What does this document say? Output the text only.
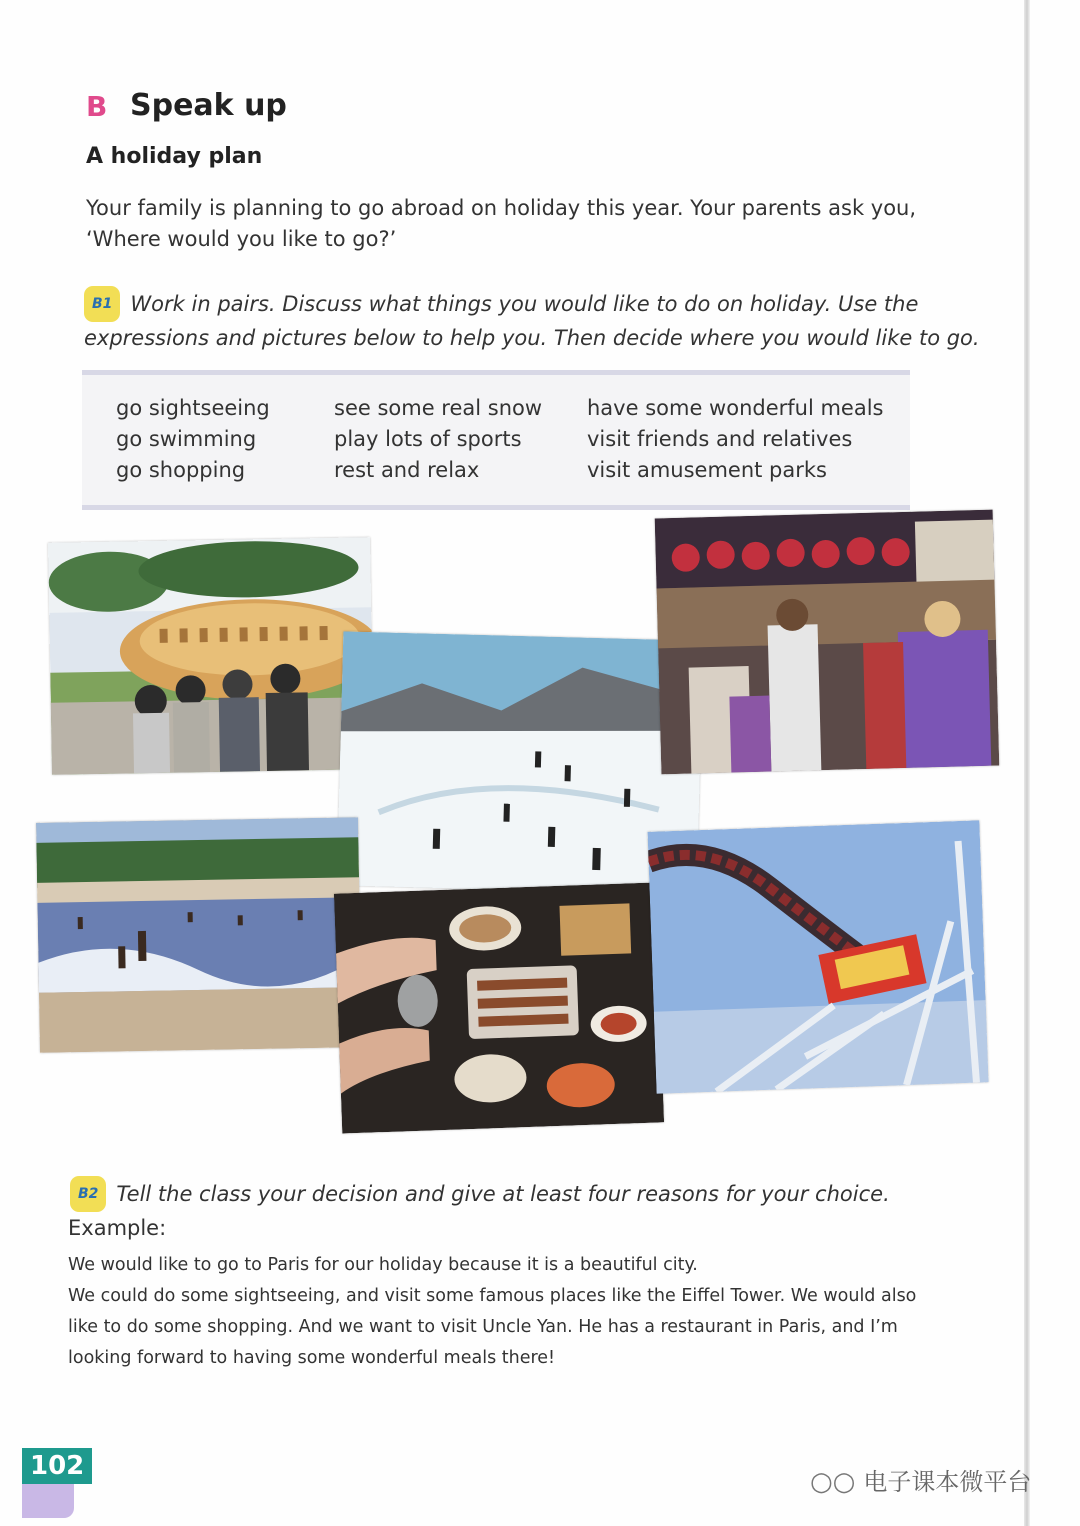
B Speak up
A holiday plan
Your family is planning to go abroad on holiday this year. Your parents ask you, ‘Where would you like to go?’
B1 Work in pairs. Discuss what things you would like to do on holiday. Use the expressions and pictures below to help you. Then decide where you would like to go.
go sightseeing
go swimming
go shopping
see some real snow
play lots of sports
rest and relax
have some wonderful meals
visit friends and relatives
visit amusement parks
B2 Tell the class your decision and give at least four reasons for your choice.
Example:

We would like to go to Paris for our holiday because it is a beautiful city.

We could do some sightseeing, and visit some famous places like the Eiffel Tower. We would also like to do some shopping. And we want to visit Uncle Yan. He has a restaurant in Paris, and I’m looking forward to having some wonderful meals there!

102
○○ 电子课本微平台
